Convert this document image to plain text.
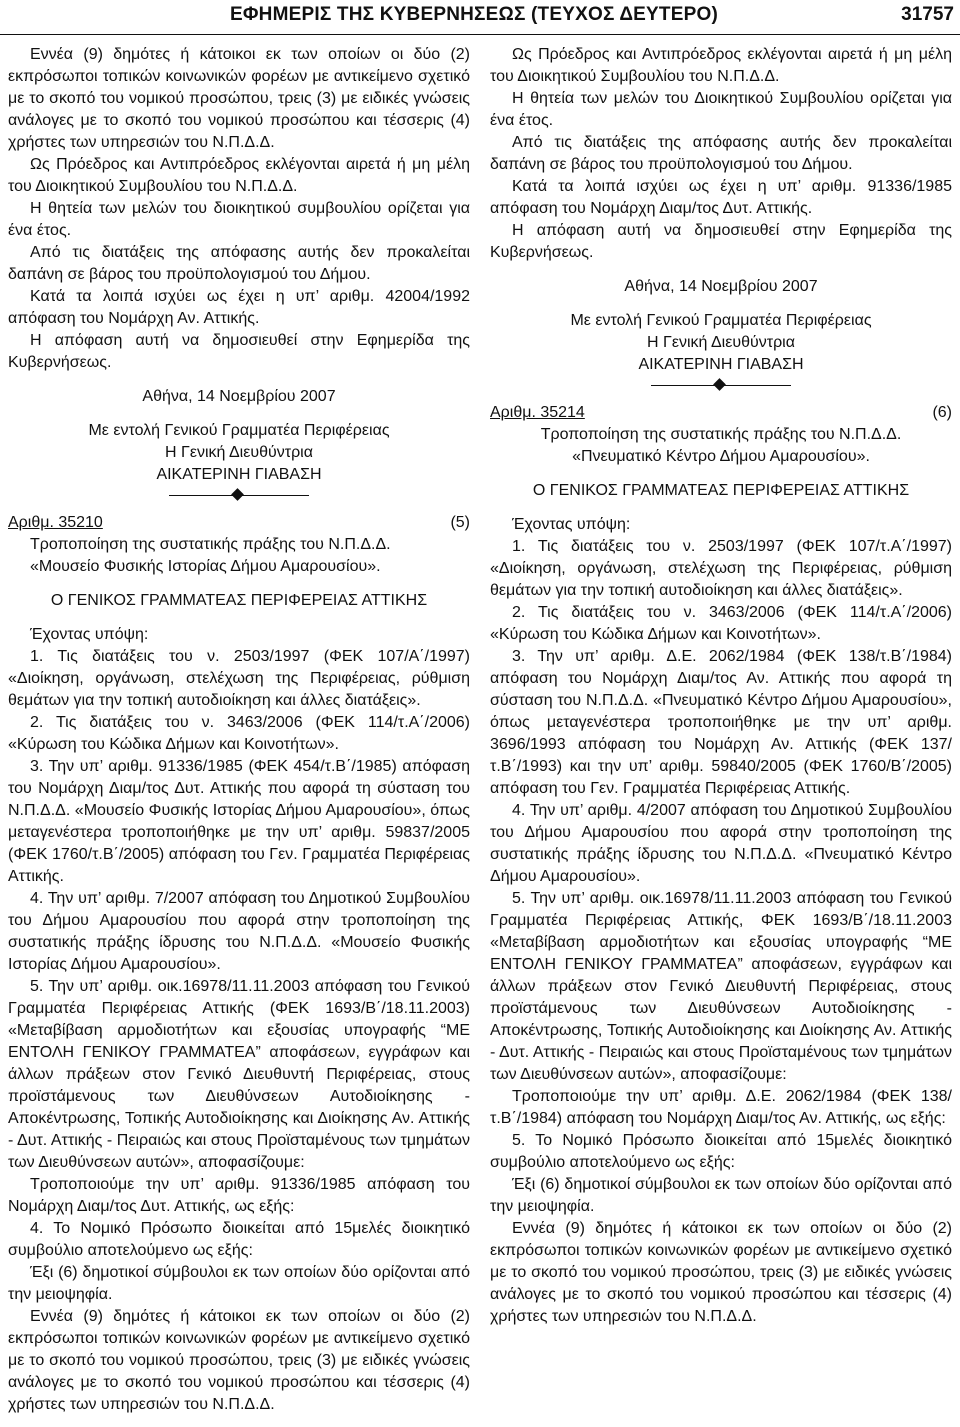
ΕΦΗΜΕΡΙΣ ΤΗΣ ΚΥΒΕΡΝΗΣΕΩΣ (ΤΕΥΧΟΣ ΔΕΥΤΕΡΟ)	31757

Εννέα (9) δημότες ή κάτοικοι εκ των οποίων οι δύο (2) εκπρόσωποι τοπικών κοινωνικών φορέων με αντικείμενο σχετικό με το σκοπό του νομικού προσώπου, τρεις (3) με ειδικές γνώσεις ανάλογες με το σκοπό του νομικού προσώπου και τέσσερις (4) χρήστες των υπηρεσιών του Ν.Π.Δ.Δ.

Ως Πρόεδρος και Αντιπρόεδρος εκλέγονται αιρετά ή μη μέλη του Διοικητικού Συμβουλίου του Ν.Π.Δ.Δ.

Η θητεία των μελών του διοικητικού συμβουλίου ορίζεται για ένα έτος.

Από τις διατάξεις της απόφασης αυτής δεν προκαλείται δαπάνη σε βάρος του προϋπολογισμού του Δήμου.

Κατά τα λοιπά ισχύει ως έχει η υπ’ αριθμ. 42004/1992 απόφαση του Νομάρχη Αν. Αττικής.

Η απόφαση αυτή να δημοσιευθεί στην Εφημερίδα της Κυβερνήσεως.

Αθήνα, 14 Νοεμβρίου 2007

Με εντολή Γενικού Γραμματέα Περιφέρειας

Η Γενική Διευθύντρια

ΑΙΚΑΤΕΡΙΝΗ ΓΙΑΒΑΣΗ

Αριθμ. 35210	(5)

Τροποποίηση της συστατικής πράξης του Ν.Π.Δ.Δ.

«Μουσείο Φυσικής Ιστορίας Δήμου Αμαρουσίου».

Ο ΓΕΝΙΚΟΣ ΓΡΑΜΜΑΤΕΑΣ ΠΕΡΙΦΕΡΕΙΑΣ ΑΤΤΙΚΗΣ

Έχοντας υπόψη:

1. Τις διατάξεις του ν. 2503/1997 (ΦΕΚ 107/Α΄/1997) «Διοίκηση, οργάνωση, στελέχωση της Περιφέρειας, ρύθμιση θεμάτων για την τοπική αυτοδιοίκηση και άλλες διατάξεις».

2. Τις διατάξεις του ν. 3463/2006 (ΦΕΚ 114/τ.Α΄/2006) «Κύρωση του Κώδικα Δήμων και Κοινοτήτων».

3. Την υπ’ αριθμ. 91336/1985 (ΦΕΚ 454/τ.Β΄/1985) απόφαση του Νομάρχη Διαμ/τος Δυτ. Αττικής που αφορά τη σύσταση του Ν.Π.Δ.Δ. «Μουσείο Φυσικής Ιστορίας Δήμου Αμαρουσίου», όπως μεταγενέστερα τροποποιήθηκε με την υπ’ αριθμ. 59837/2005 (ΦΕΚ 1760/τ.Β΄/2005) απόφαση του Γεν. Γραμματέα Περιφέρειας Αττικής.

4. Την υπ’ αριθμ. 7/2007 απόφαση του Δημοτικού Συμβουλίου του Δήμου Αμαρουσίου που αφορά στην τροποποίηση της συστατικής πράξης ίδρυσης του Ν.Π.Δ.Δ. «Μουσείο Φυσικής Ιστορίας Δήμου Αμαρουσίου».

5. Την υπ’ αριθμ. οικ.16978/11.11.2003 απόφαση του Γενικού Γραμματέα Περιφέρειας Αττικής (ΦΕΚ 1693/Β΄/18.11.2003) «Μεταβίβαση αρμοδιοτήτων και εξουσίας υπογραφής “ΜΕ ΕΝΤΟΛΗ ΓΕΝΙΚΟΥ ΓΡΑΜΜΑΤΕΑ” αποφάσεων, εγγράφων και άλλων πράξεων στον Γενικό Διευθυντή Περιφέρειας, στους προϊστάμενους των Διευθύνσεων Αυτοδιοίκησης - Αποκέντρωσης, Τοπικής Αυτοδιοίκησης και Διοίκησης Αν. Αττικής - Δυτ. Αττικής - Πειραιώς και στους Προϊσταμένους των τμημάτων των Διευθύνσεων αυτών», αποφασίζουμε:

Τροποποιούμε την υπ’ αριθμ. 91336/1985 απόφαση του Νομάρχη Διαμ/τος Δυτ. Αττικής, ως εξής:

4. Το Νομικό Πρόσωπο διοικείται από 15μελές διοικητικό συμβούλιο αποτελούμενο ως εξής:

Έξι (6) δημοτικοί σύμβουλοι εκ των οποίων δύο ορίζονται από την μειοψηφία.

Εννέα (9) δημότες ή κάτοικοι εκ των οποίων οι δύο (2) εκπρόσωποι τοπικών κοινωνικών φορέων με αντικείμενο σχετικό με το σκοπό του νομικού προσώπου, τρεις (3) με ειδικές γνώσεις ανάλογες με το σκοπό του νομικού προσώπου και τέσσερις (4) χρήστες των υπηρεσιών του Ν.Π.Δ.Δ.

Ως Πρόεδρος και Αντιπρόεδρος εκλέγονται αιρετά ή μη μέλη του Διοικητικού Συμβουλίου του Ν.Π.Δ.Δ.

Η θητεία των μελών του Διοικητικού Συμβουλίου ορίζεται για ένα έτος.

Από τις διατάξεις της απόφασης αυτής δεν προκαλείται δαπάνη σε βάρος του προϋπολογισμού του Δήμου.

Κατά τα λοιπά ισχύει ως έχει η υπ’ αριθμ. 91336/1985 απόφαση του Νομάρχη Διαμ/τος Δυτ. Αττικής.

Η απόφαση αυτή να δημοσιευθεί στην Εφημερίδα της Κυβερνήσεως.

Αθήνα, 14 Νοεμβρίου 2007

Με εντολή Γενικού Γραμματέα Περιφέρειας

Η Γενική Διευθύντρια

ΑΙΚΑΤΕΡΙΝΗ ΓΙΑΒΑΣΗ

Αριθμ. 35214	(6)

Τροποποίηση της συστατικής πράξης του Ν.Π.Δ.Δ.

«Πνευματικό Κέντρο Δήμου Αμαρουσίου».

Ο ΓΕΝΙΚΟΣ ΓΡΑΜΜΑΤΕΑΣ ΠΕΡΙΦΕΡΕΙΑΣ ΑΤΤΙΚΗΣ

Έχοντας υπόψη:

1. Τις διατάξεις του ν. 2503/1997 (ΦΕΚ 107/τ.Α΄/1997) «Διοίκηση, οργάνωση, στελέχωση της Περιφέρειας, ρύθμιση θεμάτων για την τοπική αυτοδιοίκηση και άλλες διατάξεις».

2. Τις διατάξεις του ν. 3463/2006 (ΦΕΚ 114/τ.Α΄/2006) «Κύρωση του Κώδικα Δήμων και Κοινοτήτων».

3. Την υπ’ αριθμ. Δ.Ε. 2062/1984 (ΦΕΚ 138/τ.Β΄/1984) απόφαση του Νομάρχη Διαμ/τος Αν. Αττικής που αφορά τη σύσταση του Ν.Π.Δ.Δ. «Πνευματικό Κέντρο Δήμου Αμαρουσίου», όπως μεταγενέστερα τροποποιήθηκε με την υπ’ αριθμ. 3696/1993 απόφαση του Νομάρχη Αν. Αττικής (ΦΕΚ 137/τ.Β΄/1993) και την υπ’ αριθμ. 59840/2005 (ΦΕΚ 1760/Β΄/2005) απόφαση του Γεν. Γραμματέα Περιφέρειας Αττικής.

4. Την υπ’ αριθμ. 4/2007 απόφαση του Δημοτικού Συμβουλίου του Δήμου Αμαρουσίου που αφορά στην τροποποίηση της συστατικής πράξης ίδρυσης του Ν.Π.Δ.Δ. «Πνευματικό Κέντρο Δήμου Αμαρουσίου».

5. Την υπ’ αριθμ. οικ.16978/11.11.2003 απόφαση του Γενικού Γραμματέα Περιφέρειας Αττικής, ΦΕΚ 1693/Β΄/18.11.2003 «Μεταβίβαση αρμοδιοτήτων και εξουσίας υπογραφής “ΜΕ ΕΝΤΟΛΗ ΓΕΝΙΚΟΥ ΓΡΑΜΜΑΤΕΑ” αποφάσεων, εγγράφων και άλλων πράξεων στον Γενικό Διευθυντή Περιφέρειας, στους προϊστάμενους των Διευθύνσεων Αυτοδιοίκησης - Αποκέντρωσης, Τοπικής Αυτοδιοίκησης και Διοίκησης Αν. Αττικής - Δυτ. Αττικής - Πειραιώς και στους Προϊσταμένους των τμημάτων των Διευθύνσεων αυτών», αποφασίζουμε:

Τροποποιούμε την υπ’ αριθμ. Δ.Ε. 2062/1984 (ΦΕΚ 138/τ.Β΄/1984) απόφαση του Νομάρχη Διαμ/τος Αν. Αττικής, ως εξής:

5. Το Νομικό Πρόσωπο διοικείται από 15μελές διοικητικό συμβούλιο αποτελούμενο ως εξής:

Έξι (6) δημοτικοί σύμβουλοι εκ των οποίων δύο ορίζονται από την μειοψηφία.

Εννέα (9) δημότες ή κάτοικοι εκ των οποίων οι δύο (2) εκπρόσωποι τοπικών κοινωνικών φορέων με αντικείμενο σχετικό με το σκοπό του νομικού προσώπου, τρεις (3) με ειδικές γνώσεις ανάλογες με το σκοπό του νομικού προσώπου και τέσσερις (4) χρήστες των υπηρεσιών του Ν.Π.Δ.Δ.
